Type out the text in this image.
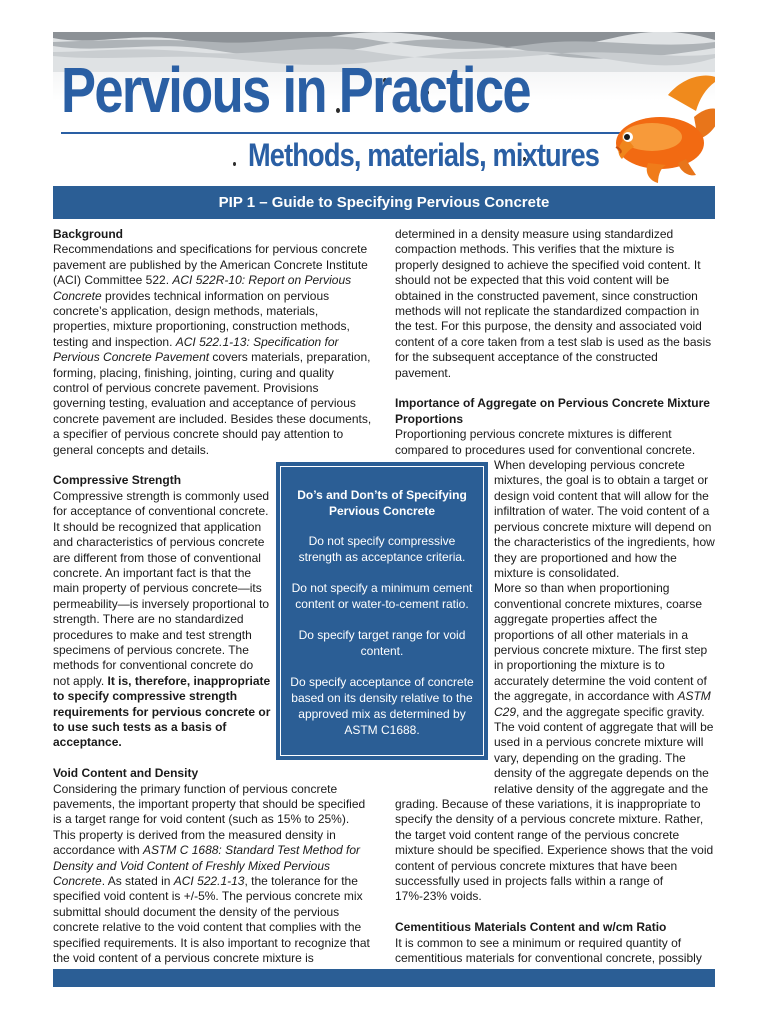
Pervious in Practice
Methods, materials, mixtures
PIP 1 – Guide to Specifying Pervious Concrete
Background

Recommendations and specifications for pervious concrete pavement are published by the American Concrete Institute (ACI) Committee 522. ACI 522R-10: Report on Pervious Concrete provides technical information on pervious concrete’s application, design methods, materials, properties, mixture proportioning, construction methods, testing and inspection. ACI 522.1-13: Specification for Pervious Concrete Pavement covers materials, preparation, forming, placing, finishing, jointing, curing and quality control of pervious concrete pavement. Provisions governing testing, evaluation and acceptance of pervious concrete pavement are included. Besides these documents, a specifier of pervious concrete should pay attention to general concepts and details.

Compressive Strength

Compressive strength is commonly used for acceptance of conventional concrete. It should be recognized that application and characteristics of pervious concrete are different from those of conventional concrete. An important fact is that the main property of pervious concrete—its permeability—is inversely proportional to strength. There are no standardized procedures to make and test strength specimens of pervious concrete. The methods for conventional concrete do not apply. It is, therefore, inappropriate to specify compressive strength requirements for pervious concrete or to use such tests as a basis of acceptance.

Void Content and Density

Considering the primary function of pervious concrete pavements, the important property that should be specified is a target range for void content (such as 15% to 25%). This property is derived from the measured density in accordance with ASTM C 1688: Standard Test Method for Density and Void Content of Freshly Mixed Pervious Concrete. As stated in ACI 522.1-13, the tolerance for the specified void content is +/-5%. The pervious concrete mix submittal should document the density of the pervious concrete relative to the void content that complies with the specified requirements. It is also important to recognize that the void content of a pervious concrete mixture is

determined in a density measure using standardized compaction methods. This verifies that the mixture is properly designed to achieve the specified void content. It should not be expected that this void content will be obtained in the constructed pavement, since construction methods will not replicate the standardized compaction in the test. For this purpose, the density and associated void content of a core taken from a test slab is used as the basis for the subsequent acceptance of the constructed pavement.

Importance of Aggregate on Pervious Concrete Mixture Proportions

Proportioning pervious concrete mixtures is different compared to procedures used for conventional concrete.

When developing pervious concrete mixtures, the goal is to obtain a target or design void content that will allow for the infiltration of water. The void content of a pervious concrete mixture will depend on the characteristics of the ingredients, how they are proportioned and how the mixture is consolidated.

More so than when proportioning conventional concrete mixtures, coarse aggregate properties affect the proportions of all other materials in a pervious concrete mixture. The first step in proportioning the mixture is to accurately determine the void content of the aggregate, in accordance with ASTM C29, and the aggregate specific gravity. The void content of aggregate that will be used in a pervious concrete mixture will vary, depending on the grading. The density of the aggregate depends on the relative density of the aggregate and the

grading. Because of these variations, it is inappropriate to specify the density of a pervious concrete mixture. Rather, the target void content range of the pervious concrete mixture should be specified. Experience shows that the void content of pervious concrete mixtures that have been successfully used in projects falls within a range of 17%-23% voids.

Cementitious Materials Content and w/cm Ratio

It is common to see a minimum or required quantity of cementitious materials for conventional concrete, possibly

Do’s and Don’ts of Specifying Pervious Concrete

Do not specify compressive strength as acceptance criteria.

Do not specify a minimum cement content or water-to-cement ratio.

Do specify target range for void content.

Do specify acceptance of concrete based on its density relative to the approved mix as determined by ASTM C1688.
